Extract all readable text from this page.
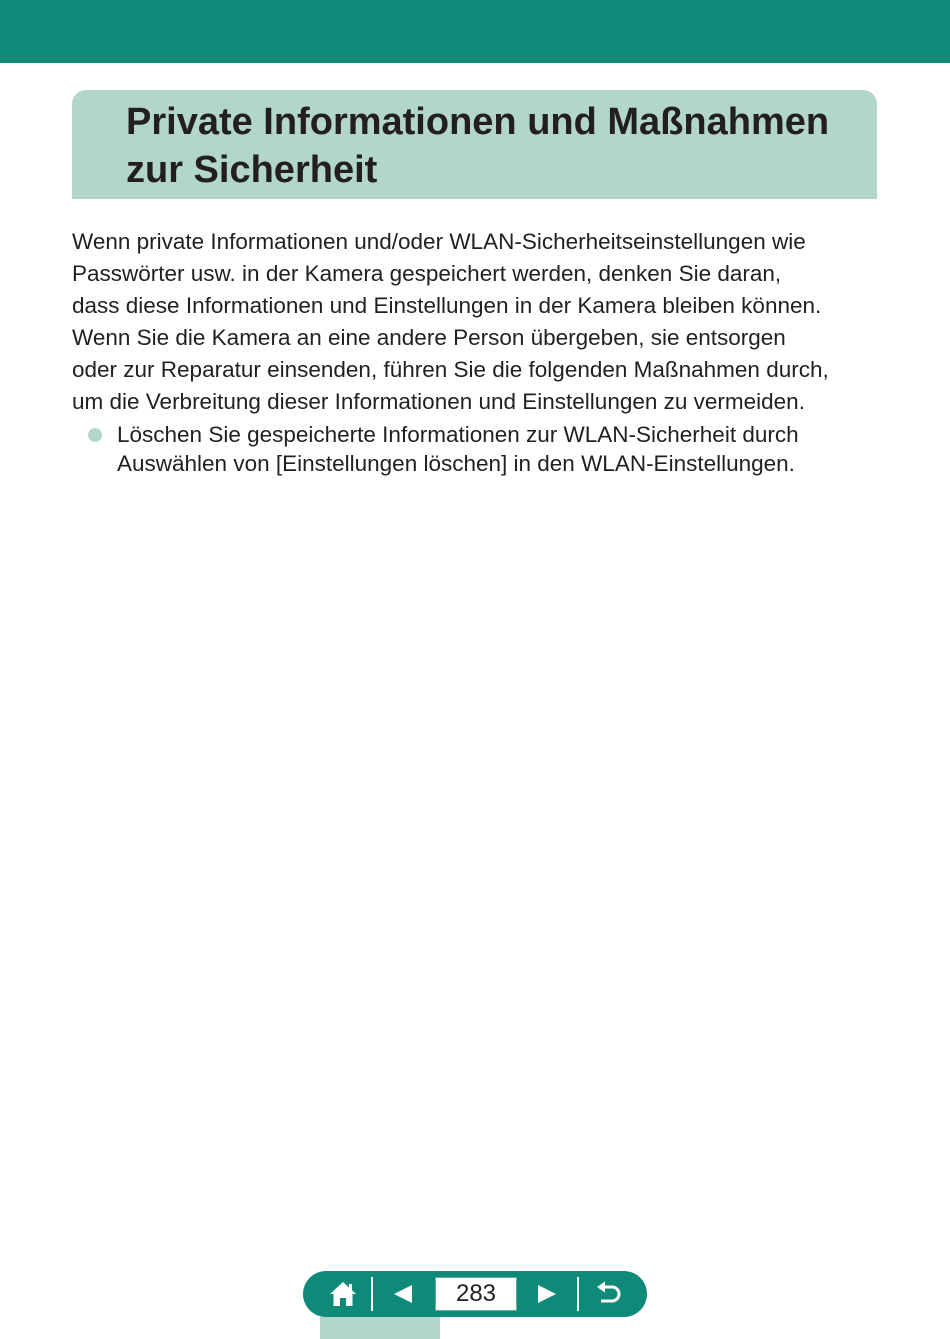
Private Informationen und Maßnahmen
zur Sicherheit

Wenn private Informationen und/oder WLAN-Sicherheitseinstellungen wie
Passwörter usw. in der Kamera gespeichert werden, denken Sie daran,
dass diese Informationen und Einstellungen in der Kamera bleiben können.
Wenn Sie die Kamera an eine andere Person übergeben, sie entsorgen
oder zur Reparatur einsenden, führen Sie die folgenden Maßnahmen durch,
um die Verbreitung dieser Informationen und Einstellungen zu vermeiden.

Löschen Sie gespeicherte Informationen zur WLAN-Sicherheit durch
Auswählen von [Einstellungen löschen] in den WLAN-Einstellungen.
283
